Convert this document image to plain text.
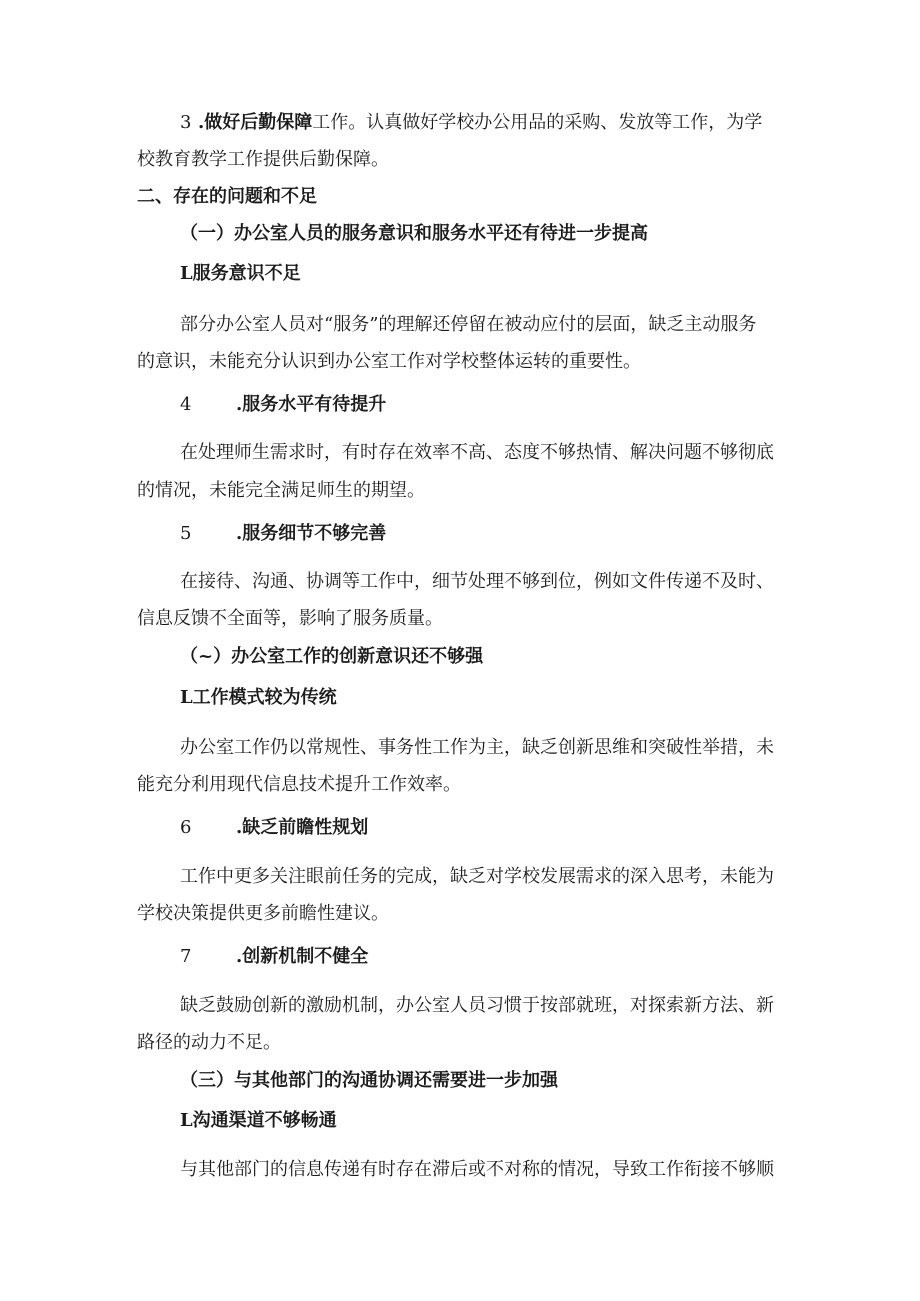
3 .做好后勤保障工作。认真做好学校办公用品的采购、发放等工作，为学

校教育教学工作提供后勤保障。

二、存在的问题和不足

（一）办公室人员的服务意识和服务水平还有待进一步提高

L服务意识不足

部分办公室人员对“服务”的理解还停留在被动应付的层面，缺乏主动服务

的意识，未能充分认识到办公室工作对学校整体运转的重要性。

4 .服务水平有待提升

在处理师生需求时，有时存在效率不高、态度不够热情、解决问题不够彻底

的情况，未能完全满足师生的期望。

5 .服务细节不够完善

在接待、沟通、协调等工作中，细节处理不够到位，例如文件传递不及时、

信息反馈不全面等，影响了服务质量。

（~）办公室工作的创新意识还不够强

L工作模式较为传统

办公室工作仍以常规性、事务性工作为主，缺乏创新思维和突破性举措，未

能充分利用现代信息技术提升工作效率。

6 .缺乏前瞻性规划

工作中更多关注眼前任务的完成，缺乏对学校发展需求的深入思考，未能为

学校决策提供更多前瞻性建议。

7 .创新机制不健全

缺乏鼓励创新的激励机制，办公室人员习惯于按部就班，对探索新方法、新

路径的动力不足。

（三）与其他部门的沟通协调还需要进一步加强

L沟通渠道不够畅通

与其他部门的信息传递有时存在滞后或不对称的情况，导致工作衔接不够顺
